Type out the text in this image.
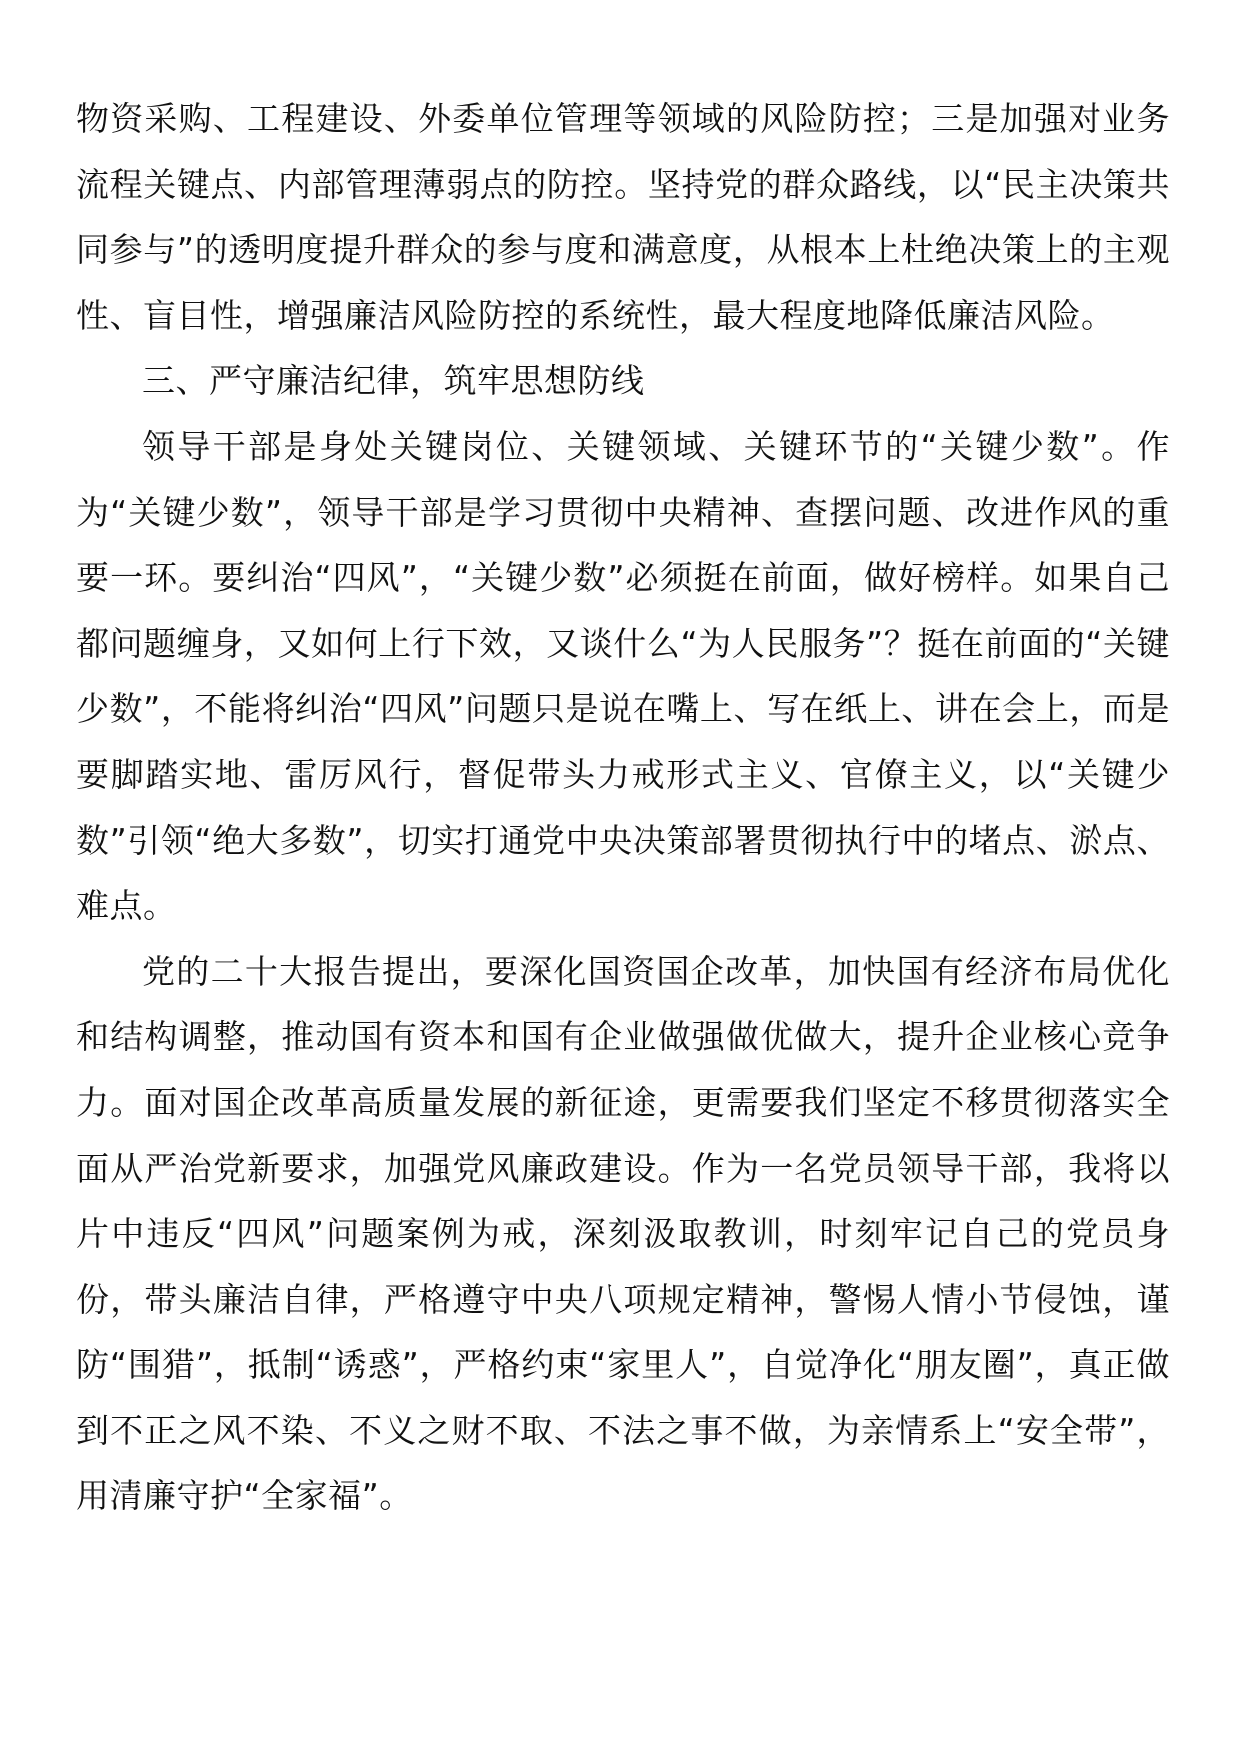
物资采购、工程建设、外委单位管理等领域的风险防控；三是加强对业务流程关键点、内部管理薄弱点的防控。坚持党的群众路线，以“民主决策共同参与”的透明度提升群众的参与度和满意度，从根本上杜绝决策上的主观性、盲目性，增强廉洁风险防控的系统性，最大程度地降低廉洁风险。

三、严守廉洁纪律，筑牢思想防线

领导干部是身处关键岗位、关键领域、关键环节的“关键少数”。作为“关键少数”，领导干部是学习贯彻中央精神、查摆问题、改进作风的重要一环。要纠治“四风”，“关键少数”必须挺在前面，做好榜样。如果自己都问题缠身，又如何上行下效，又谈什么“为人民服务”？挺在前面的“关键少数”，不能将纠治“四风”问题只是说在嘴上、写在纸上、讲在会上，而是要脚踏实地、雷厉风行，督促带头力戒形式主义、官僚主义，以“关键少数”引领“绝大多数”，切实打通党中央决策部署贯彻执行中的堵点、淤点、难点。

党的二十大报告提出，要深化国资国企改革，加快国有经济布局优化和结构调整，推动国有资本和国有企业做强做优做大，提升企业核心竞争力。面对国企改革高质量发展的新征途，更需要我们坚定不移贯彻落实全面从严治党新要求，加强党风廉政建设。作为一名党员领导干部，我将以片中违反“四风”问题案例为戒，深刻汲取教训，时刻牢记自己的党员身份，带头廉洁自律，严格遵守中央八项规定精神，警惕人情小节侵蚀，谨防“围猎”，抵制“诱惑”，严格约束“家里人”，自觉净化“朋友圈”，真正做到不正之风不染、不义之财不取、不法之事不做，为亲情系上“安全带”，用清廉守护“全家福”。
